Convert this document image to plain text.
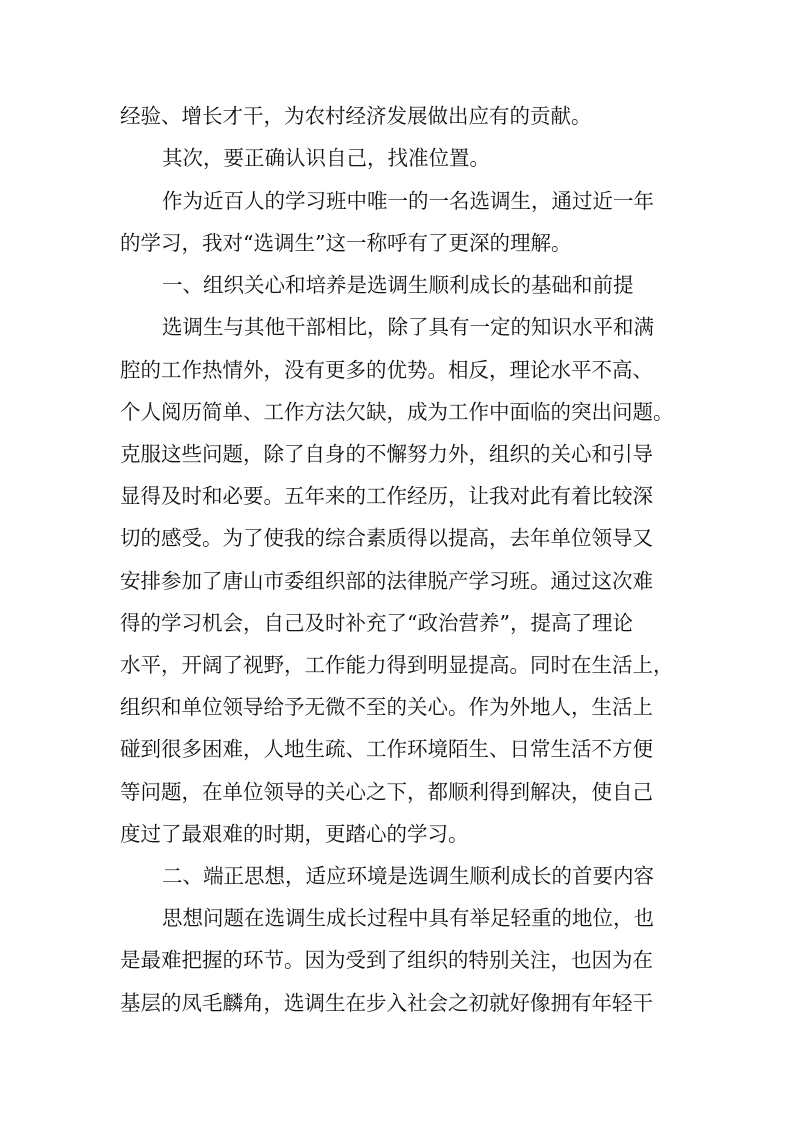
经验、增长才干，为农村经济发展做出应有的贡献。
其次，要正确认识自己，找准位置。
作为近百人的学习班中唯一的一名选调生，通过近一年
的学习，我对“选调生”这一称呼有了更深的理解。
一、组织关心和培养是选调生顺利成长的基础和前提
选调生与其他干部相比，除了具有一定的知识水平和满
腔的工作热情外，没有更多的优势。相反，理论水平不高、
个人阅历简单、工作方法欠缺，成为工作中面临的突出问题。
克服这些问题，除了自身的不懈努力外，组织的关心和引导
显得及时和必要。五年来的工作经历，让我对此有着比较深
切的感受。为了使我的综合素质得以提高，去年单位领导又
安排参加了唐山市委组织部的法律脱产学习班。通过这次难
得的学习机会，自己及时补充了“政治营养”，提高了理论
水平，开阔了视野，工作能力得到明显提高。同时在生活上，
组织和单位领导给予无微不至的关心。作为外地人，生活上
碰到很多困难，人地生疏、工作环境陌生、日常生活不方便
等问题，在单位领导的关心之下，都顺利得到解决，使自己
度过了最艰难的时期，更踏心的学习。
二、端正思想，适应环境是选调生顺利成长的首要内容
思想问题在选调生成长过程中具有举足轻重的地位，也
是最难把握的环节。因为受到了组织的特别关注，也因为在
基层的凤毛麟角，选调生在步入社会之初就好像拥有年轻干
